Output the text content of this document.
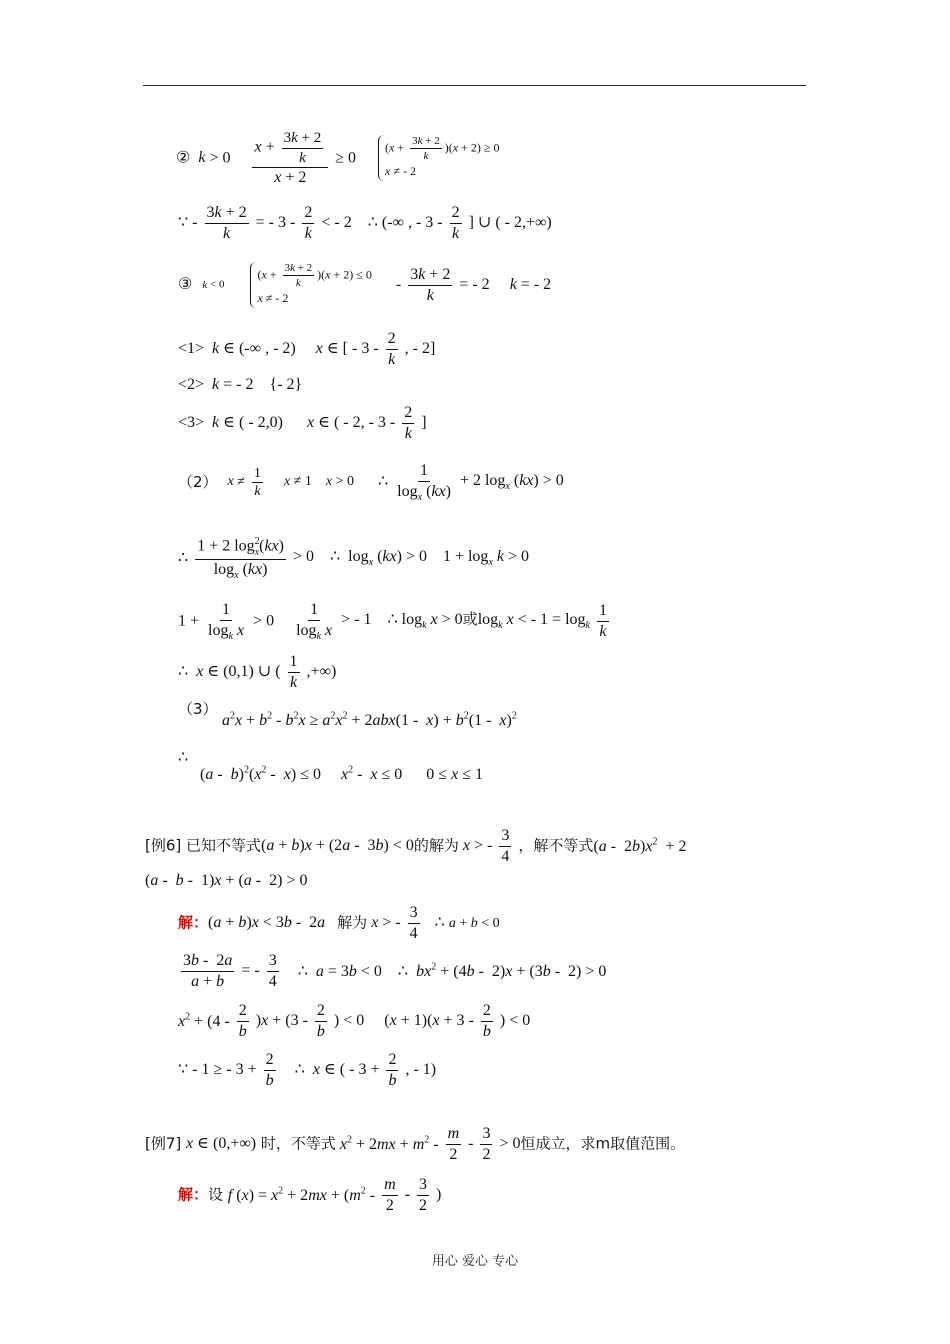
② $k > 0 \frac{x + \frac{3k + 2}{k}}{x + 2} \ge 0$ $(x + \frac{3k + 2}{k} )(x + 2) \ge 0$
x ≠ - 2
∵ - $\frac{3k + 2}{k}$ = - $3 - \frac{2}{k}$ < - 2    ∴ (-∞ , - $3 - \frac{2}{k}$ ] ∪ ( - 2,+∞)
③ k < 0 $(x + \frac{3k + 2}{k} )(x + 2) \le 0$
x ≠ - $2 - \frac{3k + 2}{k}$ = - 2     k = - 2
<1>  k ∈ (-∞ , - 2)     x ∈ [ - $3 - \frac{2}{k}$ , - 2]
<2>  k = - 2    {- 2}
<3>  k ∈ ( - 2,0)      x ∈ ( - 2, - $3 - \frac{2}{k}$ ]
（2） $x \ne \frac{1}{k}$ x ≠ 1    x > 0 ∴ $\frac{1}{\log_x (kx)} + 2$ $\log_x (kx) > 0$
∴ $\frac{1 + 2 \log^2_x(kx)}{\log_x (kx)} > 0$    ∴  $\log_x (kx) > 0$    $1 + \log_x k > 0$
$1 + \frac{1}{\log_k x} > 0 \frac{1}{\log_k x}$ > - 1    ∴ $\log_k x > 0$或$\log_k x$ < - $1 = \log_k \frac{1}{k}$
∴  x ∈ (0,1) ∪ ( $\frac{1}{k}$ ,+∞)
（3）
$a^2x + b^2 - b^2x \ge a^2x^2 + 2abx(1 - x) + b^2(1 - x)^2$
∴
$(a - b)^2(x^2 - x) \le 0$     $x^2 - x \le 0$      0 ≤ x ≤ 1
[例6] 已知不等式(a + b)x + (2a -  3b) < 0的解为 x > - $\frac{3}{4}$ ，解不等式$(a - 2b)x^2 + 2$
(a -  b -  1)x + (a -  2) > 0
解：(a + b)x < 3b -  2a 解为 x > - $\frac{3}{4}$ ∴ a + b < 0
$\frac{3b - 2a}{a + b}$ = - $\frac{3}{4}$ ∴  a = 3b < 0    ∴  $bx^2 + (4b - 2)x + (3b - 2) > 0$
$x^2 + (4 - \frac{2}{b} )x + (3 - \frac{2}{b}$ ) < 0     $(x + 1)(x + 3 - \frac{2}{b}$ ) < 0
∵ - 1 ≥ - $3 + \frac{2}{b}$ ∴  x ∈ ( - $3 + \frac{2}{b}$ , - 1)
[例7] x ∈ (0,+∞) 时，不等式 $x^2 + 2mx + m^2 - \frac{m}{2} - \frac{3}{2} > 0$恒成立，求m取值范围。
解：设 f $(x) = x^2 + 2mx + (m^2 - \frac{m}{2} - \frac{3}{2}$ )
用心 爱心 专心
